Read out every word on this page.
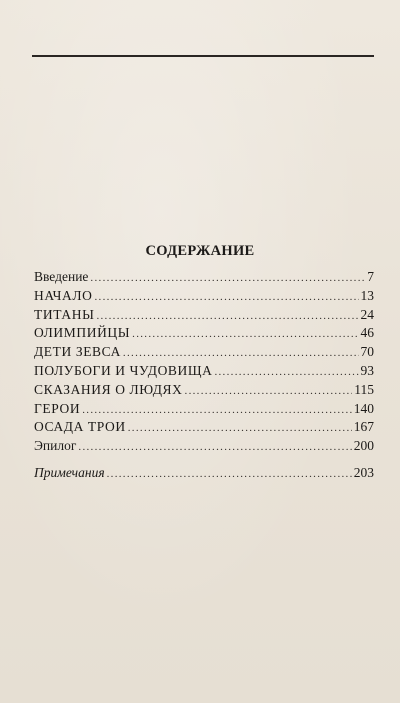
СОДЕРЖАНИЕ
Введение .....	7
НАЧАЛО .....	13
ТИТАНЫ .....	24
ОЛИМПИЙЦЫ .....	46
ДЕТИ ЗЕВСА .....	70
ПОЛУБОГИ И ЧУДОВИЩА .....	93
СКАЗАНИЯ О ЛЮДЯХ .....	115
ГЕРОИ .....	140
ОСАДА ТРОИ .....	167
Эпилог .....	200
Примечания .....	203
